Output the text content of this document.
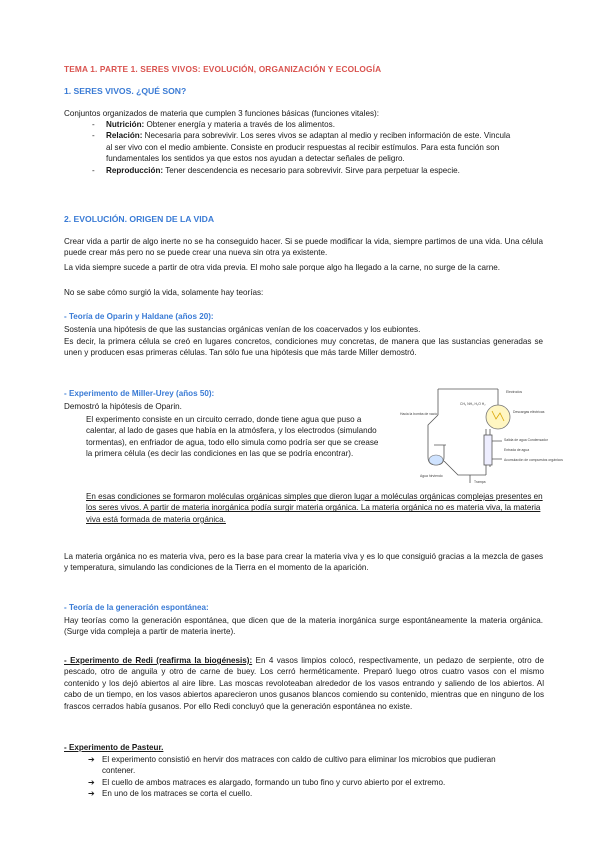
TEMA 1. PARTE 1. SERES VIVOS: EVOLUCIÓN, ORGANIZACIÓN Y ECOLOGÍA
1. SERES VIVOS. ¿QUÉ SON?
Conjuntos organizados de materia que cumplen 3 funciones básicas (funciones vitales):
- Nutrición: Obtener energía y materia a través de los alimentos.
- Relación: Necesaria para sobrevivir. Los seres vivos se adaptan al medio y reciben información de este. Vincula al ser vivo con el medio ambiente. Consiste en producir respuestas al recibir estímulos. Para esta función son fundamentales los sentidos ya que estos nos ayudan a detectar señales de peligro.
- Reproducción: Tener descendencia es necesario para sobrevivir. Sirve para perpetuar la especie.
2. EVOLUCIÓN. ORIGEN DE LA VIDA
Crear vida a partir de algo inerte no se ha conseguido hacer. Si se puede modificar la vida, siempre partimos de una vida. Una célula puede crear más pero no se puede crear una nueva sin otra ya existente.
La vida siempre sucede a partir de otra vida previa. El moho sale porque algo ha llegado a la carne, no surge de la carne.
No se sabe cómo surgió la vida, solamente hay teorías:
- Teoría de Oparin y Haldane (años 20):
Sostenía una hipótesis de que las sustancias orgánicas venían de los coacervados y los eubiontes.
Es decir, la primera célula se creó en lugares concretos, condiciones muy concretas, de manera que las sustancias generadas se unen y producen esas primeras células. Tan sólo fue una hipótesis que más tarde Miller demostró.
- Experimento de Miller-Urey (años 50):
Demostró la hipótesis de Oparin.
El experimento consiste en un circuito cerrado, donde tiene agua que puso a calentar, al lado de gases que había en la atmósfera, y los electrodos (simulando tormentas), en enfriador de agua, todo ello simula como podría ser que se crease la primera célula (es decir las condiciones en las que se podría encontrar).
Electrodos
CH₄ NH₃ H₂O H₂
Descargas eléctricas
Hacia la bomba de vacío
Salida de agua Condensador
Entrada de agua
Acumulación de compuestos orgánicos
Agua hirviendo
Trampa
En esas condiciones se formaron moléculas orgánicas simples que dieron lugar a moléculas orgánicas complejas presentes en los seres vivos. A partir de materia inorgánica podía surgir materia orgánica. La materia orgánica no es materia viva, la materia viva está formada de materia orgánica.
La materia orgánica no es materia viva, pero es la base para crear la materia viva y es lo que consiguió gracias a la mezcla de gases y temperatura, simulando las condiciones de la Tierra en el momento de la aparición.
- Teoría de la generación espontánea:
Hay teorías como la generación espontánea, que dicen que de la materia inorgánica surge espontáneamente la materia orgánica. (Surge vida compleja a partir de materia inerte).
- Experimento de Redi (reafirma la biogénesis): En 4 vasos limpios colocó, respectivamente, un pedazo de serpiente, otro de pescado, otro de anguila y otro de carne de buey. Los cerró herméticamente. Preparó luego otros cuatro vasos con el mismo contenido y los dejó abiertos al aire libre. Las moscas revoloteaban alrededor de los vasos entrando y saliendo de los abiertos. Al cabo de un tiempo, en los vasos abiertos aparecieron unos gusanos blancos comiendo su contenido, mientras que en ninguno de los frascos cerrados había gusanos. Por ello Redi concluyó que la generación espontánea no existe.
- Experimento de Pasteur.
➔ El experimento consistió en hervir dos matraces con caldo de cultivo para eliminar los microbios que pudieran contener.
➔ El cuello de ambos matraces es alargado, formando un tubo fino y curvo abierto por el extremo.
➔ En uno de los matraces se corta el cuello.
